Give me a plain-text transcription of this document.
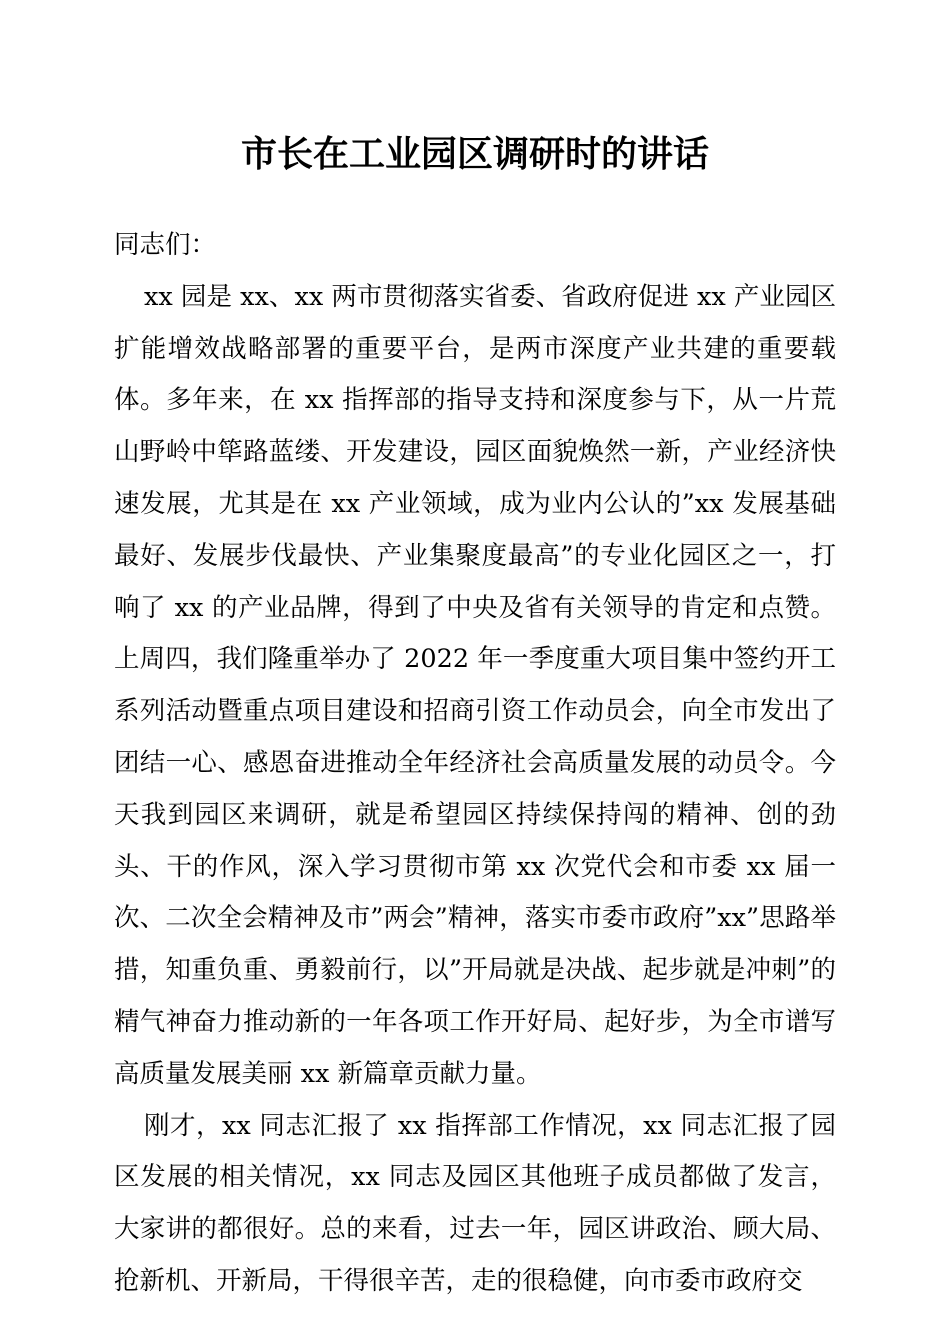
市长在工业园区调研时的讲话

同志们：

xx 园是 xx、xx 两市贯彻落实省委、省政府促进 xx 产业园区扩能增效战略部署的重要平台，是两市深度产业共建的重要载体。多年来，在 xx 指挥部的指导支持和深度参与下，从一片荒山野岭中筚路蓝缕、开发建设，园区面貌焕然一新，产业经济快速发展，尤其是在 xx 产业领域，成为业内公认的”xx 发展基础最好、发展步伐最快、产业集聚度最高”的专业化园区之一，打响了 xx 的产业品牌，得到了中央及省有关领导的肯定和点赞。上周四，我们隆重举办了 2022 年一季度重大项目集中签约开工系列活动暨重点项目建设和招商引资工作动员会，向全市发出了团结一心、感恩奋进推动全年经济社会高质量发展的动员令。今天我到园区来调研，就是希望园区持续保持闯的精神、创的劲头、干的作风，深入学习贯彻市第 xx 次党代会和市委 xx 届一次、二次全会精神及市”两会”精神，落实市委市政府”xx”思路举措，知重负重、勇毅前行，以”开局就是决战、起步就是冲刺”的精气神奋力推动新的一年各项工作开好局、起好步，为全市谱写高质量发展美丽 xx 新篇章贡献力量。

刚才，xx 同志汇报了 xx 指挥部工作情况，xx 同志汇报了园区发展的相关情况，xx 同志及园区其他班子成员都做了发言，大家讲的都很好。总的来看，过去一年，园区讲政治、顾大局、抢新机、开新局，干得很辛苦，走的很稳健，向市委市政府交
